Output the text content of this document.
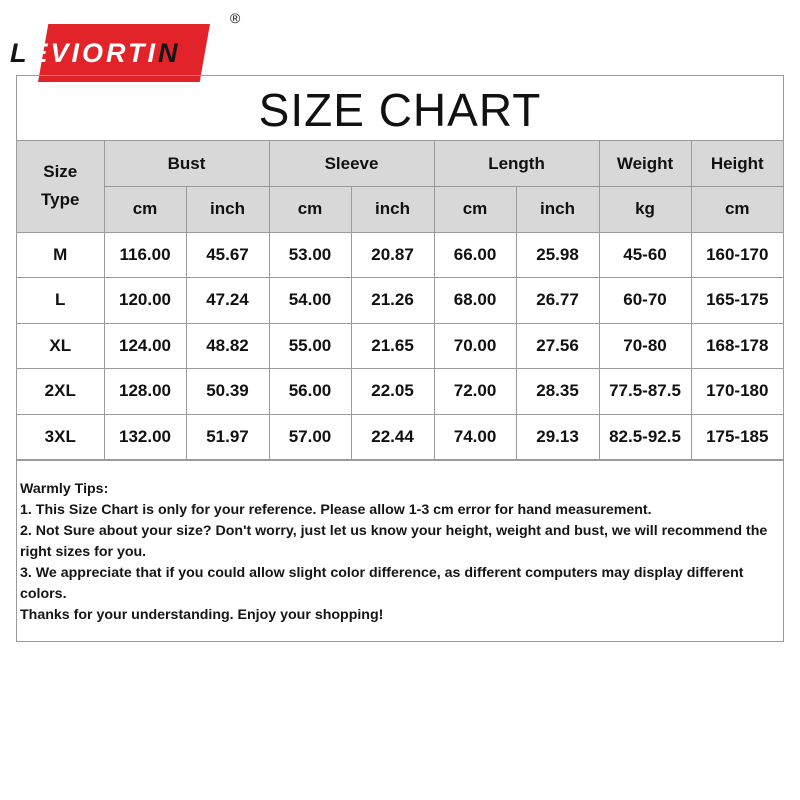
LEVIORTIN
®
SIZE CHART
Size
Type	Bust		Sleeve		Length		Weight	Height
	cm	inch	cm	inch	cm	inch	kg	cm
M	116.00	45.67	53.00	20.87	66.00	25.98	45-60	160-170
L	120.00	47.24	54.00	21.26	68.00	26.77	60-70	165-175
XL	124.00	48.82	55.00	21.65	70.00	27.56	70-80	168-178
2XL	128.00	50.39	56.00	22.05	72.00	28.35	77.5-87.5	170-180
3XL	132.00	51.97	57.00	22.44	74.00	29.13	82.5-92.5	175-185

Warmly Tips:

1. This Size Chart is only for your reference. Please allow 1-3 cm error for hand measurement.

2. Not Sure about your size? Don't worry, just let us know your height, weight and bust, we will recommend the right sizes for you.

3. We appreciate that if you could allow slight color difference, as different computers may display different colors.

Thanks for your understanding. Enjoy your shopping!
